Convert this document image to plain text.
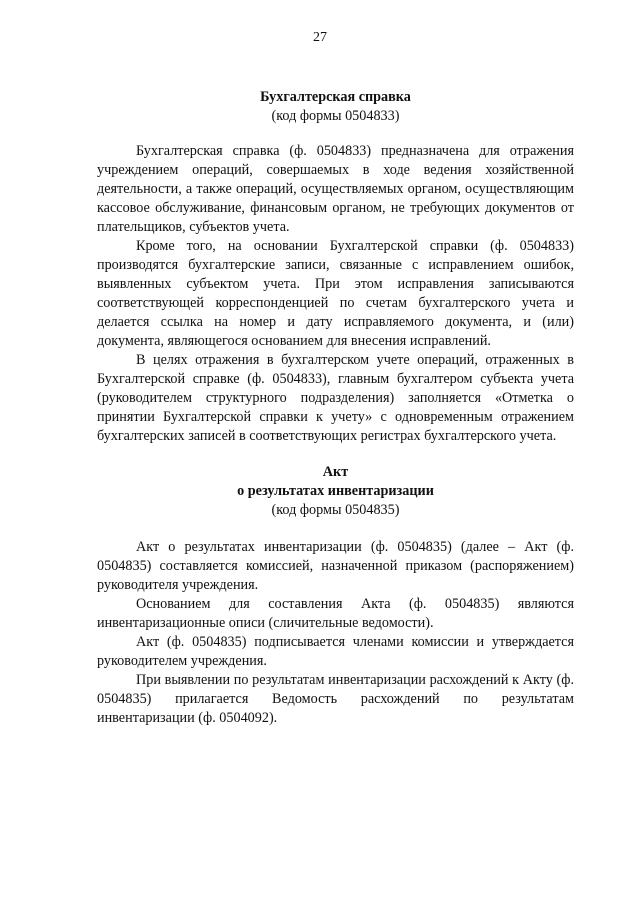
27
Бухгалтерская справка
(код формы 0504833)

Бухгалтерская справка (ф. 0504833) предназначена для отражения учреждением операций, совершаемых в ходе ведения хозяйственной деятельности, а также операций, осуществляемых органом, осуществляющим кассовое обслуживание, финансовым органом, не требующих документов от плательщиков, субъектов учета.

Кроме того, на основании Бухгалтерской справки (ф. 0504833) производятся бухгалтерские записи, связанные с исправлением ошибок, выявленных субъектом учета. При этом исправления записываются соответствующей корреспонденцией по счетам бухгалтерского учета и делается ссылка на номер и дату исправляемого документа, и (или) документа, являющегося основанием для внесения исправлений.

В целях отражения в бухгалтерском учете операций, отраженных в Бухгалтерской справке (ф. 0504833), главным бухгалтером субъекта учета (руководителем структурного подразделения) заполняется «Отметка о принятии Бухгалтерской справки к учету» с одновременным отражением бухгалтерских записей в соответствующих регистрах бухгалтерского учета.

Акт
о результатах инвентаризации
(код формы 0504835)

Акт о результатах инвентаризации (ф. 0504835) (далее – Акт (ф. 0504835) составляется комиссией, назначенной приказом (распоряжением) руководителя учреждения.

Основанием для составления Акта (ф. 0504835) являются инвентаризационные описи (сличительные ведомости).

Акт (ф. 0504835) подписывается членами комиссии и утверждается руководителем учреждения.

При выявлении по результатам инвентаризации расхождений к Акту (ф. 0504835) прилагается Ведомость расхождений по результатам инвентаризации (ф. 0504092).
